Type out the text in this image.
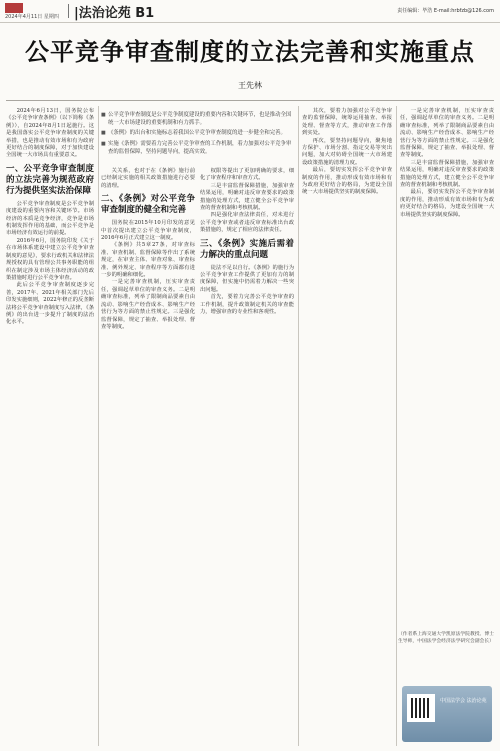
2024年4月11日 星期四 |法治论苑 B1	责任编辑：毕浩 E-mail:hrbfzb@126.com
公平竞争审查制度的立法完善和实施重点
王先林
■ 公平竞争审查制度是公平竞争制度建设的重要内容和关键环节，也是推动全国统一大市场建设的重要机制和有力抓手。
■ 《条例》的出台和实施标志着我国公平竞争审查制度的进一步健全和完善。
■ 实施《条例》需要着力完善公平竞争审查的工作机制，着力加强对公平竞争审查的监督保障，坚持问题导向，提高实效。

2024年6月13日，国务院公布《公平竞争审查条例》（以下简称《条例》），自2024年8月1日起施行。这是我国落实公平竞争审查制度的关键举措，也是推动有效市场和有为政府更好结合的制度保障，对于加快建设全国统一大市场具有重要意义。

一、公平竞争审查制度的立法完善为规范政府行为提供坚实法治保障

公平竞争审查制度是公平竞争制度建设的重要内容和关键环节。市场经济的本质是竞争经济，竞争是市场机制发挥作用的基础，而公平竞争是市场经济有效运行的前提。

2016年6月，国务院印发《关于在市场体系建设中建立公平竞争审查制度的意见》，要求行政机关和法律法规授权的具有管理公共事务职能的组织在制定涉及市场主体经济活动的政策措施时进行公平竞争审查。

此后公平竞争审查制度逐步完善，2017年、2021年相关部门先后印发实施细则，2022年修正的反垄断法将公平竞争审查制度写入法律，《条例》的出台进一步提升了制度的法治化水平。

关关系，也对于在《条例》施行前已经制定实施的相关政策措施进行必要的清理。

二、《条例》对公平竞争审查制度的健全和完善

国务院在2015年10月印发的意见中首次提出建立公平竞争审查制度，2016年6月正式建立这一制度。

《条例》共5章27条，对审查标准、审查机制、监督保障等作出了系统规定，在审查主体、审查对象、审查标准、例外规定、审查程序等方面都有进一步的明确和细化。

一是完善审查机制，压实审查责任，强调起草单位的审查义务。二是明确审查标准，列举了限制商品要素自由流动、影响生产经营成本、影响生产经营行为等方面的禁止性规定。三是强化监督保障，规定了抽查、举报处理、督查等制度。

权限等提出了更加明确的要求，细化了审查程序和审查方式。

三是丰富监督保障措施，加强审查结果运用，明确对违反审查要求的政策措施的处理方式，建立健全公平竞争审查的督查机制和考核机制。

四是强化审查法律责任，对未进行公平竞争审查或者违反审查标准出台政策措施的，规定了相应的法律责任。

三、《条例》实施后需着力解决的重点问题

徒法不足以自行。《条例》的施行为公平竞争审查工作提供了更加有力的制度保障，但实施中仍需着力解决一些突出问题。

首先，要着力完善公平竞争审查的工作机制，提升政策制定机关的审查能力，增强审查的专业性和客观性。

其次，要着力加强对公平竞争审查的监督保障，统筹运用抽查、举报处理、督查等方式，推动审查工作落到实处。

再次，要坚持问题导向，聚焦地方保护、市场分割、指定交易等突出问题，加大对妨碍全国统一大市场建设政策措施的清理力度。

最后，要切实发挥公平竞争审查制度的作用，推动形成有效市场和有为政府更好结合的格局，为建设全国统一大市场提供坚实的制度保障。

一是完善审查机制，压实审查责任，强调起草单位的审查义务。二是明确审查标准，列举了限制商品要素自由流动、影响生产经营成本、影响生产经营行为等方面的禁止性规定。三是强化监督保障，规定了抽查、举报处理、督查等制度。

三是丰富监督保障措施，加强审查结果运用，明确对违反审查要求的政策措施的处理方式，建立健全公平竞争审查的督查机制和考核机制。

最后，要切实发挥公平竞争审查制度的作用，推动形成有效市场和有为政府更好结合的格局，为建设全国统一大市场提供坚实的制度保障。

（作者系上海交通大学凯原法学院教授、博士生导师，中国法学会经济法学研究会副会长）
中国法学会 法治论苑
